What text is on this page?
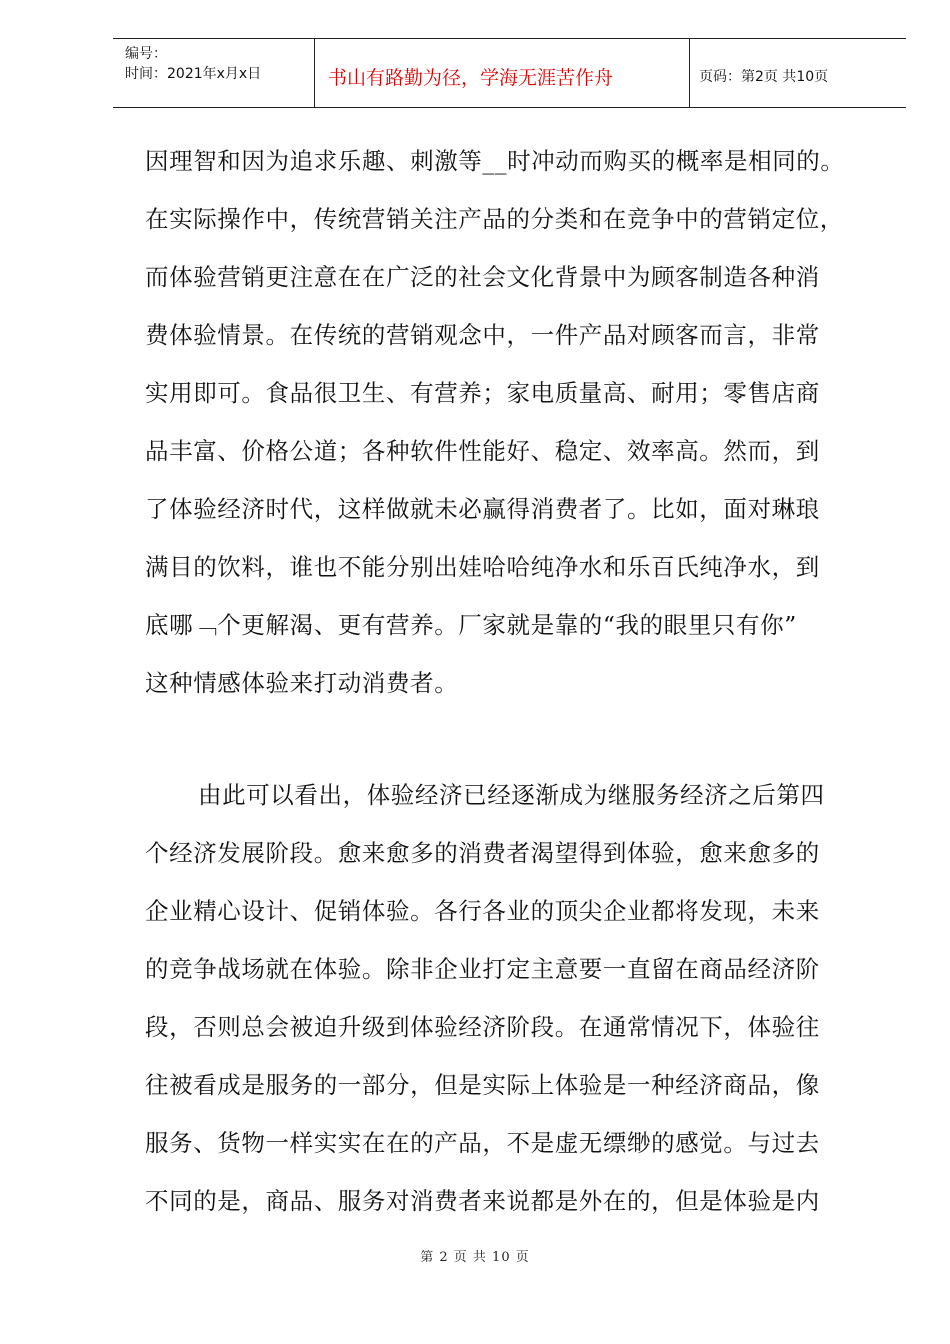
编号：
时间：2021年x月x日	书山有路勤为径，学海无涯苦作舟	页码：第2页 共10页
因理智和因为追求乐趣、刺激等__时冲动而购买的概率是相同的。
在实际操作中，传统营销关注产品的分类和在竞争中的营销定位，
而体验营销更注意在在广泛的社会文化背景中为顾客制造各种消
费体验情景。在传统的营销观念中，一件产品对顾客而言，非常
实用即可。食品很卫生、有营养；家电质量高、耐用；零售店商
品丰富、价格公道；各种软件性能好、稳定、效率高。然而，到
了体验经济时代，这样做就未必赢得消费者了。比如，面对琳琅
满目的饮料，谁也不能分别出娃哈哈纯净水和乐百氏纯净水，到
底哪﹁个更解渴、更有营养。厂家就是靠的“我的眼里只有你”
这种情感体验来打动消费者。
由此可以看出，体验经济已经逐渐成为继服务经济之后第四
个经济发展阶段。愈来愈多的消费者渴望得到体验，愈来愈多的
企业精心设计、促销体验。各行各业的顶尖企业都将发现，未来
的竞争战场就在体验。除非企业打定主意要一直留在商品经济阶
段，否则总会被迫升级到体验经济阶段。在通常情况下，体验往
往被看成是服务的一部分，但是实际上体验是一种经济商品，像
服务、货物一样实实在在的产品，不是虚无缥缈的感觉。与过去
不同的是，商品、服务对消费者来说都是外在的，但是体验是内
第 2 页 共 10 页
